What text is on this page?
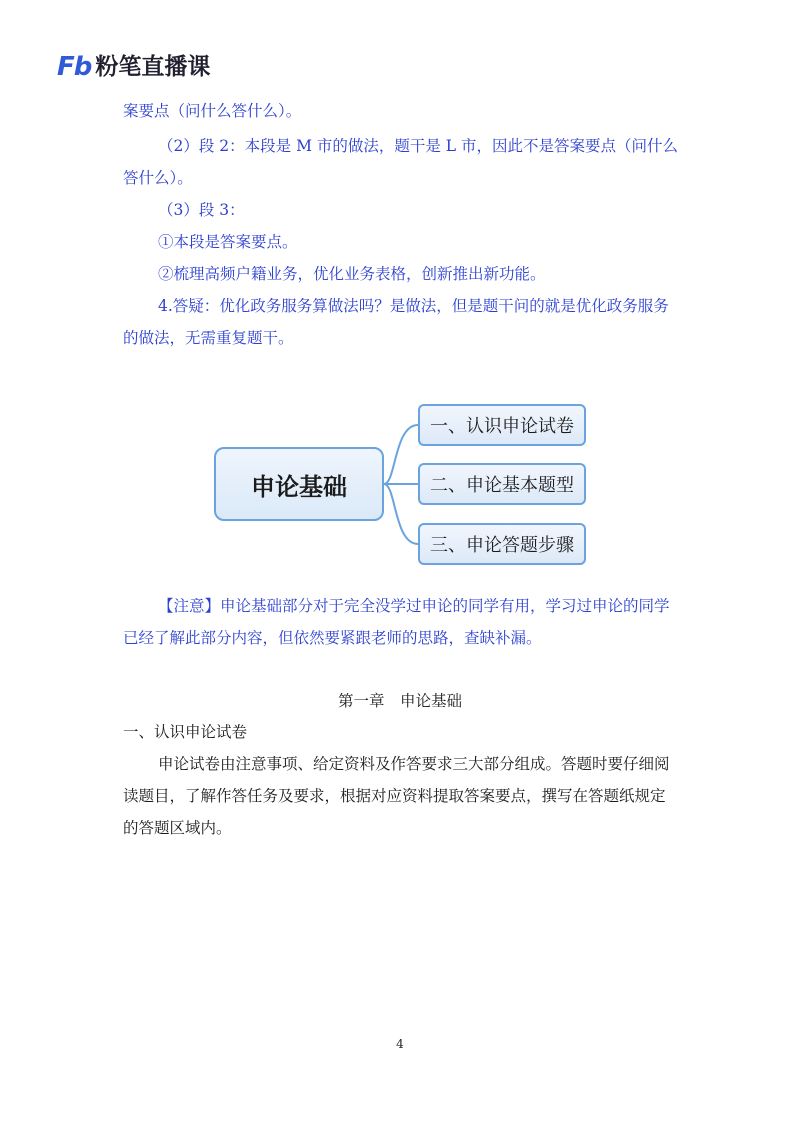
Fb 粉笔直播课
案要点（问什么答什么）。
（2）段 2：本段是 M 市的做法，题干是 L 市，因此不是答案要点（问什么
答什么）。
（3）段 3：
①本段是答案要点。
②梳理高频户籍业务，优化业务表格，创新推出新功能。
4.答疑：优化政务服务算做法吗？是做法，但是题干问的就是优化政务服务
的做法，无需重复题干。
申论基础
一、认识申论试卷
二、申论基本题型
三、申论答题步骤
【注意】申论基础部分对于完全没学过申论的同学有用，学习过申论的同学
已经了解此部分内容，但依然要紧跟老师的思路，查缺补漏。
第一章　申论基础
一、认识申论试卷
申论试卷由注意事项、给定资料及作答要求三大部分组成。答题时要仔细阅
读题目，了解作答任务及要求，根据对应资料提取答案要点，撰写在答题纸规定
的答题区域内。
4
